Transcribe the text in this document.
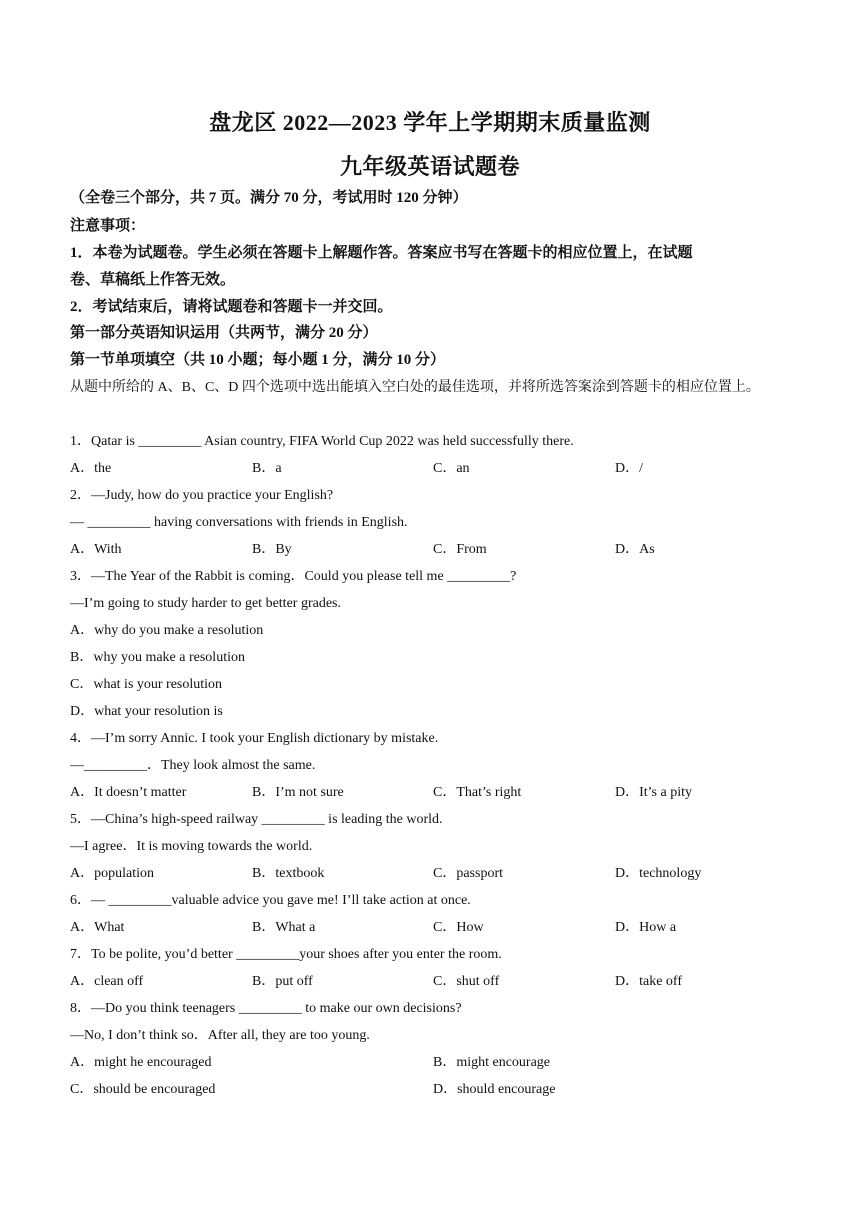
盘龙区 2022—2023 学年上学期期末质量监测
九年级英语试题卷
（全卷三个部分，共 7 页。满分 70 分，考试用时 120 分钟）
注意事项：
1．本卷为试题卷。学生必须在答题卡上解题作答。答案应书写在答题卡的相应位置上，在试题
卷、草稿纸上作答无效。
2．考试结束后，请将试题卷和答题卡一并交回。
第一部分英语知识运用（共两节，满分 20 分）
第一节单项填空（共 10 小题；每小题 1 分，满分 10 分）
从题中所给的 A、B、C、D 四个选项中选出能填入空白处的最佳选项，并将所选答案涂到答题卡的相应位置上。
1．Qatar is _________ Asian country, FIFA World Cup 2022 was held successfully there.
A．the	B．a	C．an	D．/
2．—Judy, how do you practice your English?
— _________ having conversations with friends in English.
A．With	B．By	C．From	D．As
3．—The Year of the Rabbit is coming．Could you please tell me _________?
—I’m going to study harder to get better grades.
A．why do you make a resolution
B．why you make a resolution
C．what is your resolution
D．what your resolution is
4．—I’m sorry Annic. I took your English dictionary by mistake.
—_________．They look almost the same.
A．It doesn’t matter	B．I’m not sure	C．That’s right	D．It’s a pity
5．—China’s high-speed railway _________ is leading the world.
—I agree．It is moving towards the world.
A．population	B．textbook	C．passport	D．technology
6．— _________valuable advice you gave me! I’ll take action at once.
A．What	B．What a	C．How	D．How a
7．To be polite, you’d better _________your shoes after you enter the room.
A．clean off	B．put off	C．shut off	D．take off
8．—Do you think teenagers _________ to make our own decisions?
—No, I don’t think so．After all, they are too young.
A．might he encouraged	B．might encourage
C．should be encouraged	D．should encourage
